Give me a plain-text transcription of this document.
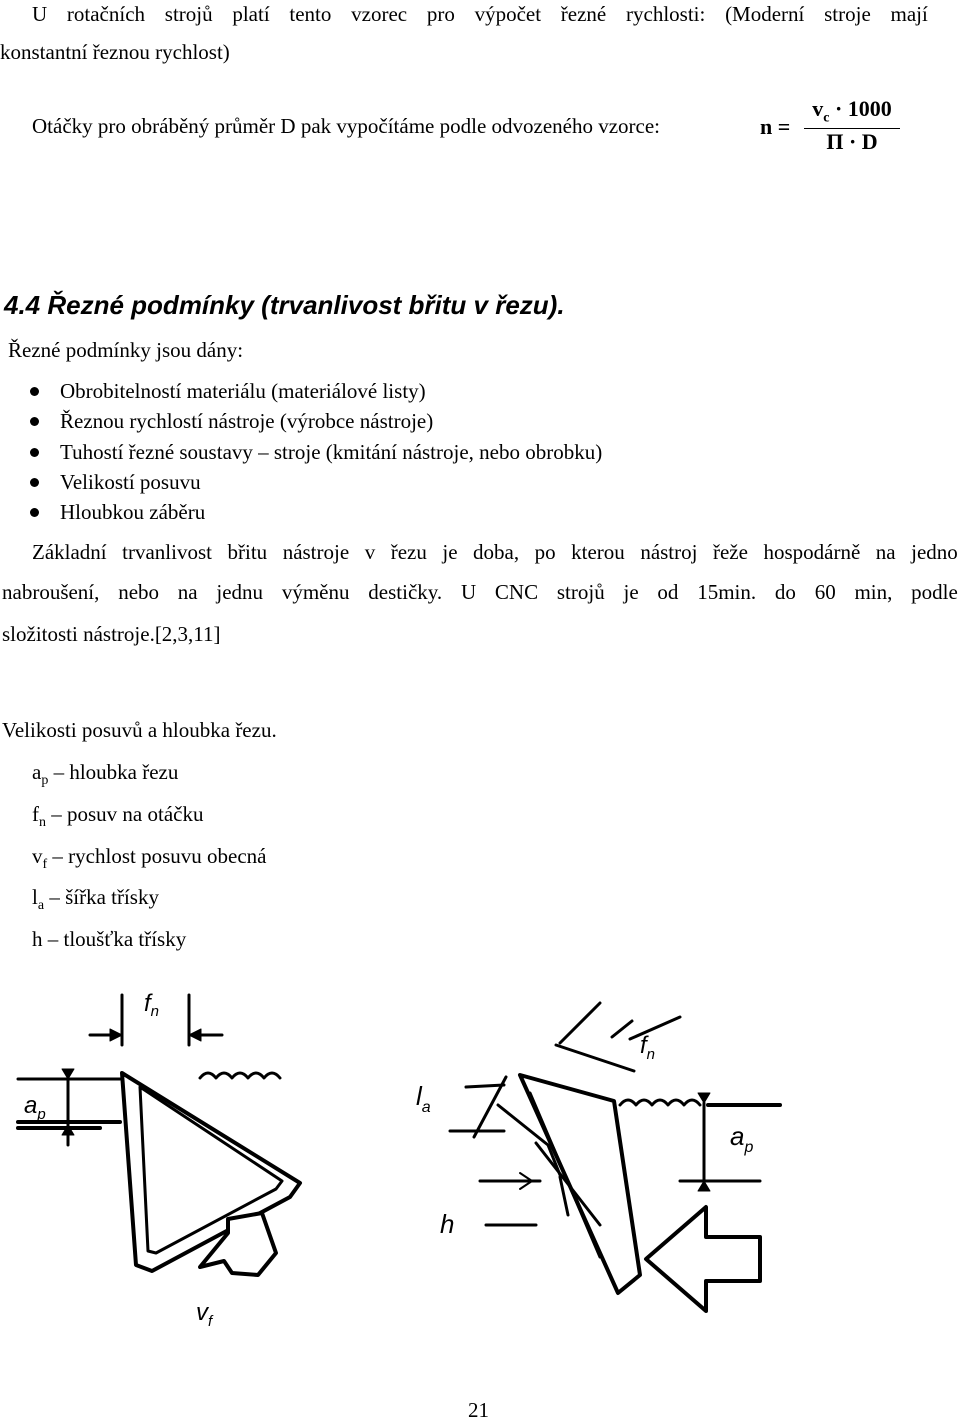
U rotačních strojů platí tento vzorec pro výpočet řezné rychlosti: (Moderní stroje mají
konstantní řeznou rychlost)
Otáčky pro obráběný průměr D pak vypočítáme podle odvozeného vzorce:	n =
$v_c \cdot 1000$
Π · D
4.4 Řezné podmínky (trvanlivost břitu v řezu).
Řezné podmínky jsou dány:
Obrobitelností materiálu (materiálové listy)
Řeznou rychlostí nástroje (výrobce nástroje)
Tuhostí řezné soustavy – stroje (kmitání nástroje, nebo obrobku)
Velikostí posuvu
Hloubkou záběru
Základní trvanlivost břitu nástroje v řezu je doba, po kterou nástroj řeže hospodárně na jedno
nabroušení, nebo na jednu výměnu destičky. U CNC strojů je od 15min. do 60 min, podle
složitosti nástroje.[2,3,11]
Velikosti posuvů a hloubka řezu.
$a_p$ – hloubka řezu
$f_n$ – posuv na otáčku
$v_f$ – rychlost posuvu obecná
$l_a$ – šířka třísky
h – tloušťka třísky
$f_n$
$a_p$
$v_f$
$f_n$
$l_a$
$a_p$
h
21
